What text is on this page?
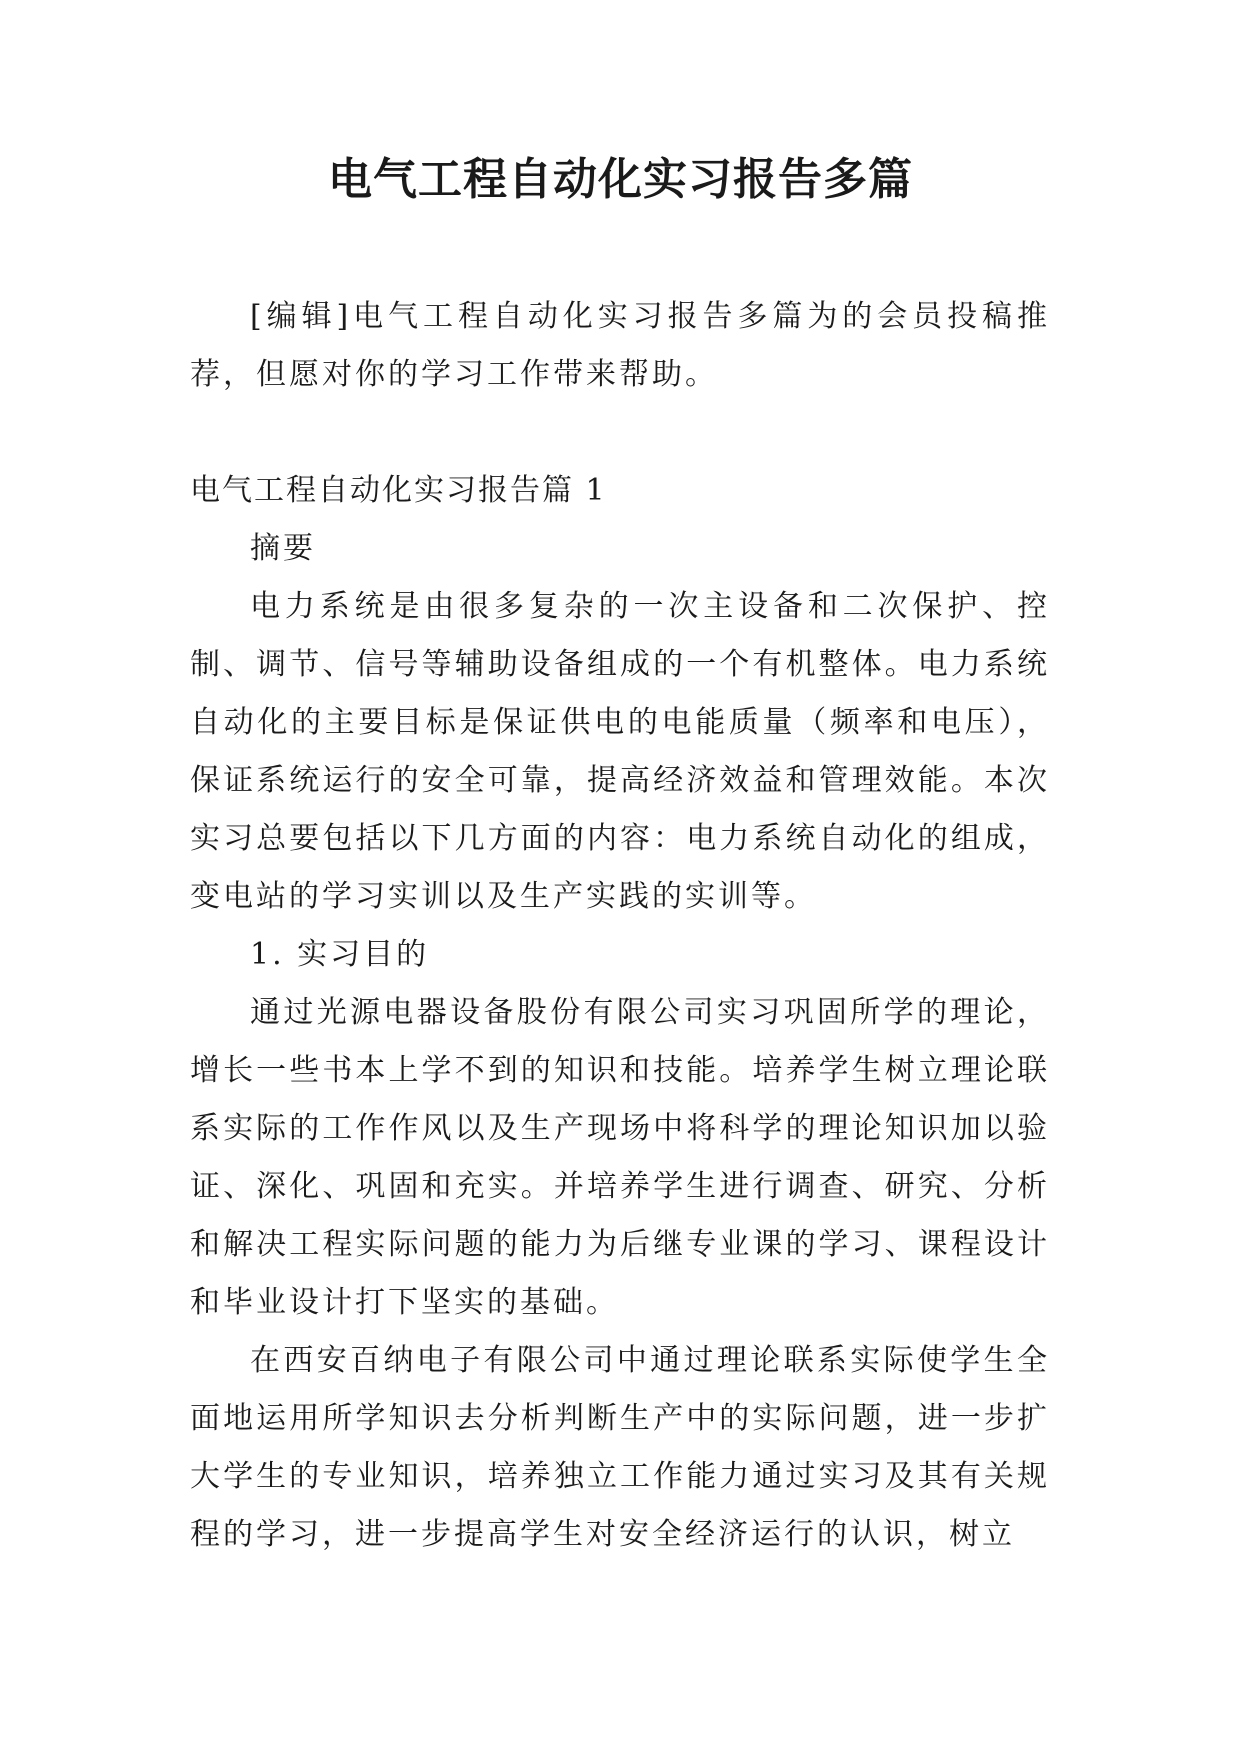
电气工程自动化实习报告多篇

[编辑]电气工程自动化实习报告多篇为的会员投稿推荐，但愿对你的学习工作带来帮助。

电气工程自动化实习报告篇 1

摘要

电力系统是由很多复杂的一次主设备和二次保护、控制、调节、信号等辅助设备组成的一个有机整体。电力系统自动化的主要目标是保证供电的电能质量（频率和电压），保证系统运行的安全可靠，提高经济效益和管理效能。本次实习总要包括以下几方面的内容：电力系统自动化的组成，变电站的学习实训以及生产实践的实训等。

1. 实习目的

通过光源电器设备股份有限公司实习巩固所学的理论，增长一些书本上学不到的知识和技能。培养学生树立理论联系实际的工作作风以及生产现场中将科学的理论知识加以验证、深化、巩固和充实。并培养学生进行调查、研究、分析和解决工程实际问题的能力为后继专业课的学习、课程设计和毕业设计打下坚实的基础。

在西安百纳电子有限公司中通过理论联系实际使学生全面地运用所学知识去分析判断生产中的实际问题，进一步扩大学生的专业知识，培养独立工作能力通过实习及其有关规程的学习，进一步提高学生对安全经济运行的认识，树立
